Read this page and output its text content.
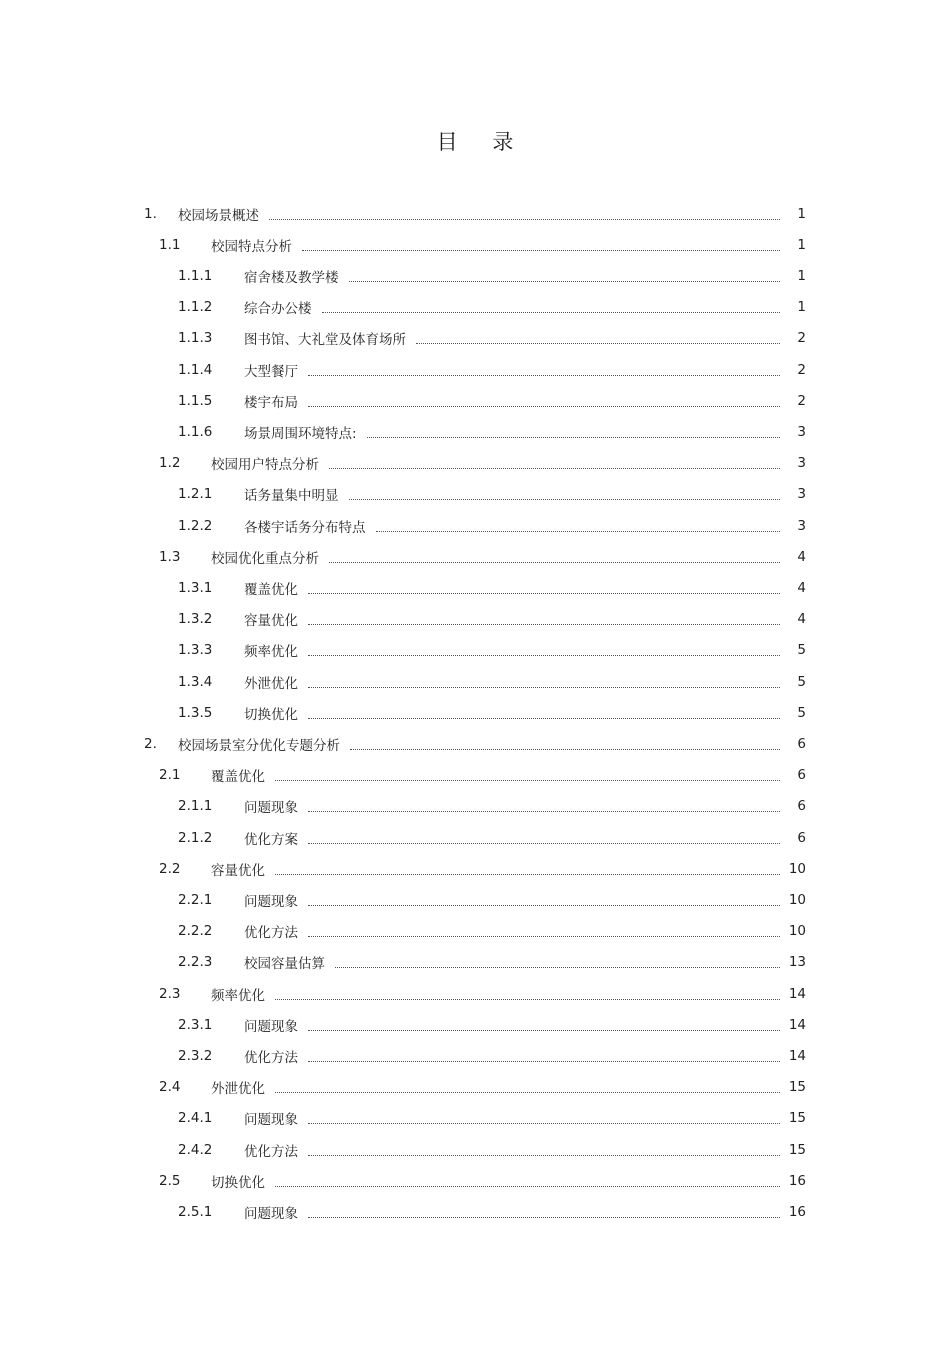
目 录
1.	校园场景概述	1
1.1	校园特点分析	1
1.1.1	宿舍楼及教学楼	1
1.1.2	综合办公楼	1
1.1.3	图书馆、大礼堂及体育场所	2
1.1.4	大型餐厅	2
1.1.5	楼宇布局	2
1.1.6	场景周围环境特点:	3
1.2	校园用户特点分析	3
1.2.1	话务量集中明显	3
1.2.2	各楼宇话务分布特点	3
1.3	校园优化重点分析	4
1.3.1	覆盖优化	4
1.3.2	容量优化	4
1.3.3	频率优化	5
1.3.4	外泄优化	5
1.3.5	切换优化	5
2.	校园场景室分优化专题分析	6
2.1	覆盖优化	6
2.1.1	问题现象	6
2.1.2	优化方案	6
2.2	容量优化	10
2.2.1	问题现象	10
2.2.2	优化方法	10
2.2.3	校园容量估算	13
2.3	频率优化	14
2.3.1	问题现象	14
2.3.2	优化方法	14
2.4	外泄优化	15
2.4.1	问题现象	15
2.4.2	优化方法	15
2.5	切换优化	16
2.5.1	问题现象	16
